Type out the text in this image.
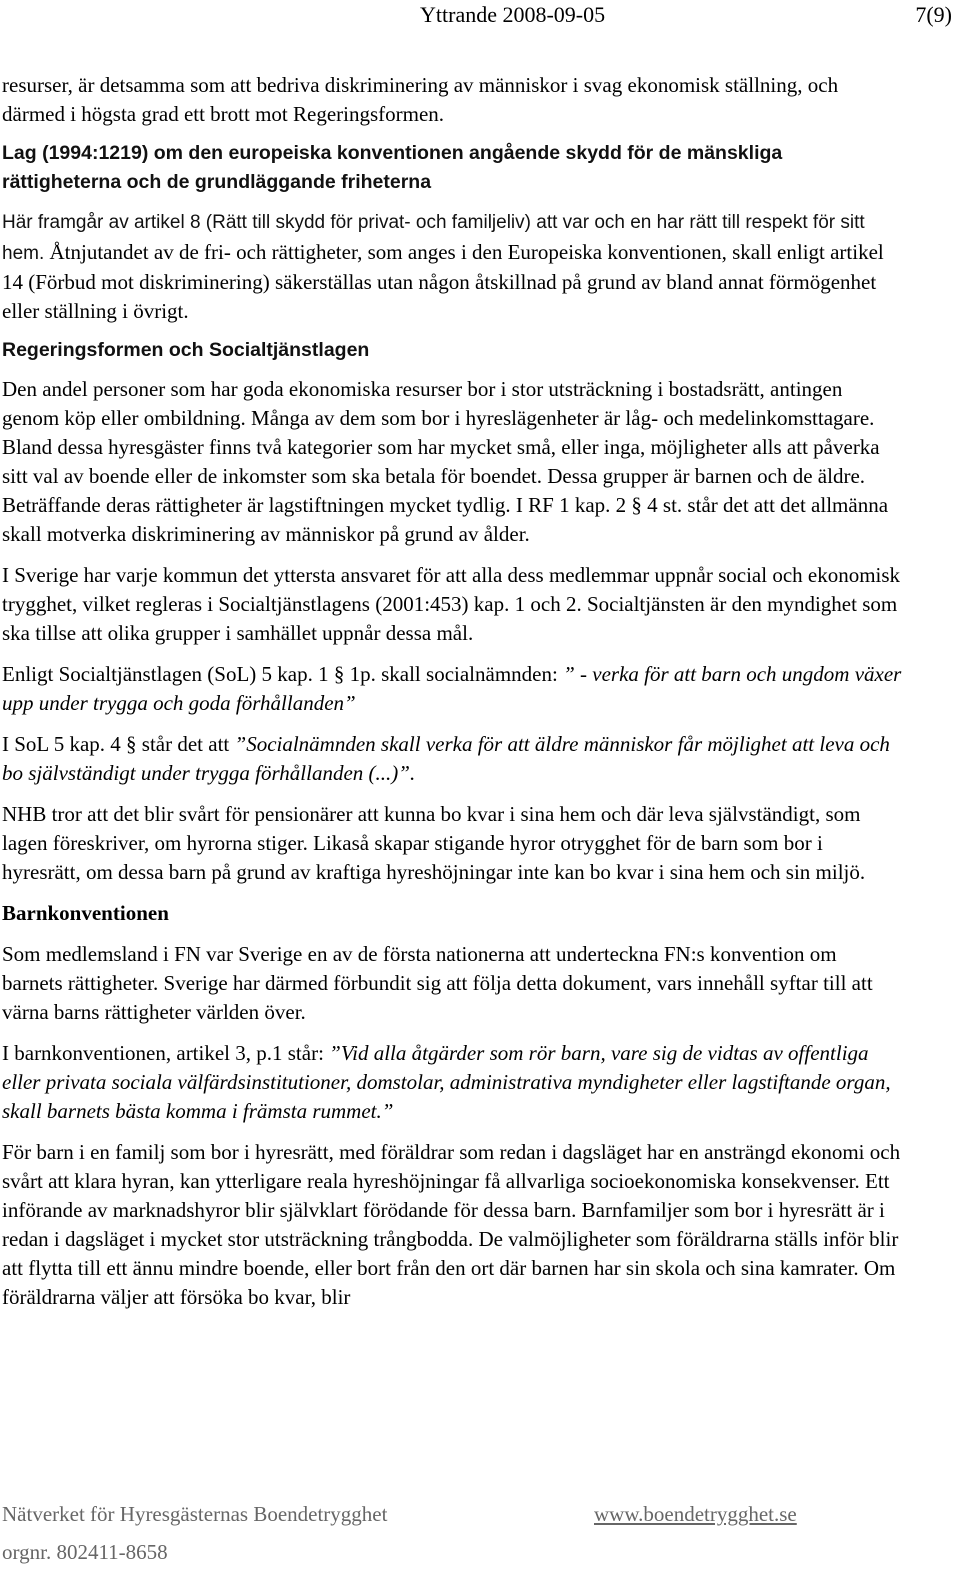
Yttrande 2008-09-05	7(9)

resurser, är detsamma som att bedriva diskriminering av människor i svag ekonomisk ställning, och därmed i högsta grad ett brott mot Regeringsformen.

Lag (1994:1219) om den europeiska konventionen angående skydd för de mänskliga rättigheterna och de grundläggande friheterna

Här framgår av artikel 8 (Rätt till skydd för privat- och familjeliv) att var och en har rätt till respekt för sitt hem. Åtnjutandet av de fri- och rättigheter, som anges i den Europeiska konventionen, skall enligt artikel 14 (Förbud mot diskriminering) säkerställas utan någon åtskillnad på grund av bland annat förmögenhet eller ställning i övrigt.

Regeringsformen och Socialtjänstlagen

Den andel personer som har goda ekonomiska resurser bor i stor utsträckning i bostadsrätt, antingen genom köp eller ombildning. Många av dem som bor i hyreslägenheter är låg- och medelinkomsttagare. Bland dessa hyresgäster finns två kategorier som har mycket små, eller inga, möjligheter alls att påverka sitt val av boende eller de inkomster som ska betala för boendet. Dessa grupper är barnen och de äldre. Beträffande deras rättigheter är lagstiftningen mycket tydlig. I RF 1 kap. 2 § 4 st. står det att det allmänna skall motverka diskriminering av människor på grund av ålder.

I Sverige har varje kommun det yttersta ansvaret för att alla dess medlemmar uppnår social och ekonomisk trygghet, vilket regleras i Socialtjänstlagens (2001:453) kap. 1 och 2. Socialtjänsten är den myndighet som ska tillse att olika grupper i samhället uppnår dessa mål.

Enligt Socialtjänstlagen (SoL) 5 kap. 1 § 1p. skall socialnämnden: ” - verka för att barn och ungdom växer upp under trygga och goda förhållanden”

I SoL 5 kap. 4 § står det att ”Socialnämnden skall verka för att äldre människor får möjlighet att leva och bo självständigt under trygga förhållanden (...)”.

NHB tror att det blir svårt för pensionärer att kunna bo kvar i sina hem och där leva självständigt, som lagen föreskriver, om hyrorna stiger. Likaså skapar stigande hyror otrygghet för de barn som bor i hyresrätt, om dessa barn på grund av kraftiga hyreshöjningar inte kan bo kvar i sina hem och sin miljö.

Barnkonventionen

Som medlemsland i FN var Sverige en av de första nationerna att underteckna FN:s konvention om barnets rättigheter. Sverige har därmed förbundit sig att följa detta dokument, vars innehåll syftar till att värna barns rättigheter världen över.

I barnkonventionen, artikel 3, p.1 står: ”Vid alla åtgärder som rör barn, vare sig de vidtas av offentliga eller privata sociala välfärdsinstitutioner, domstolar, administrativa myndigheter eller lagstiftande organ, skall barnets bästa komma i främsta rummet.”

För barn i en familj som bor i hyresrätt, med föräldrar som redan i dagsläget har en ansträngd ekonomi och svårt att klara hyran, kan ytterligare reala hyreshöjningar få allvarliga socioekonomiska konsekvenser. Ett införande av marknadshyror blir självklart förödande för dessa barn. Barnfamiljer som bor i hyresrätt är i redan i dagsläget i mycket stor utsträckning trångbodda. De valmöjligheter som föräldrarna ställs inför blir att flytta till ett ännu mindre boende, eller bort från den ort där barnen har sin skola och sina kamrater. Om föräldrarna väljer att försöka bo kvar, blir

Nätverket för Hyresgästernas Boendetrygghet	www.boendetrygghet.se
orgnr. 802411-8658
